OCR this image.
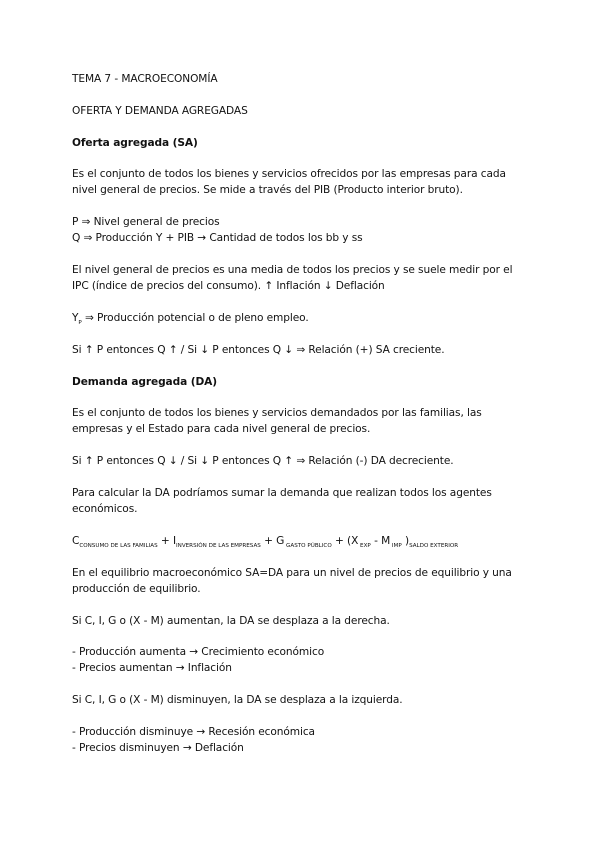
TEMA 7 - MACROECONOMÍA
OFERTA Y DEMANDA AGREGADAS
Oferta agregada (SA)
Es el conjunto de todos los bienes y servicios ofrecidos por las empresas para cada
nivel general de precios. Se mide a través del PIB (Producto interior bruto).
P ⇒ Nivel general de precios
Q ⇒ Producción Y + PIB → Cantidad de todos los bb y ss
El nivel general de precios es una media de todos los precios y se suele medir por el
IPC (índice de precios del consumo). ↑ Inflación ↓ Deflación
$Y_P$ ⇒ Producción potencial o de pleno empleo.
Si ↑ P entonces Q ↑ / Si ↓ P entonces Q ↓ ⇒ Relación (+) SA creciente.
Demanda agregada (DA)
Es el conjunto de todos los bienes y servicios demandados por las familias, las
empresas y el Estado para cada nivel general de precios.
Si ↑ P entonces Q ↓ / Si ↓ P entonces Q ↑ ⇒ Relación (-) DA decreciente.
Para calcular la DA podríamos sumar la demanda que realizan todos los agentes
económicos.
$C_{CONSUMO DE LAS FAMILIAS} + I_{INVERSIÓN DE LAS EMPRESAS} + G$ $_{GASTO PÚBLICO}$ + (X $_{EXP}$ - M $_{IMP}$ )$_{SALDO EXTERIOR}$
En el equilibrio macroeconómico SA=DA para un nivel de precios de equilibrio y una
producción de equilibrio.
Si C, I, G o (X - M) aumentan, la DA se desplaza a la derecha.
- Producción aumenta → Crecimiento económico
- Precios aumentan → Inflación
Si C, I, G o (X - M) disminuyen, la DA se desplaza a la izquierda.
- Producción disminuye → Recesión económica
- Precios disminuyen → Deflación
